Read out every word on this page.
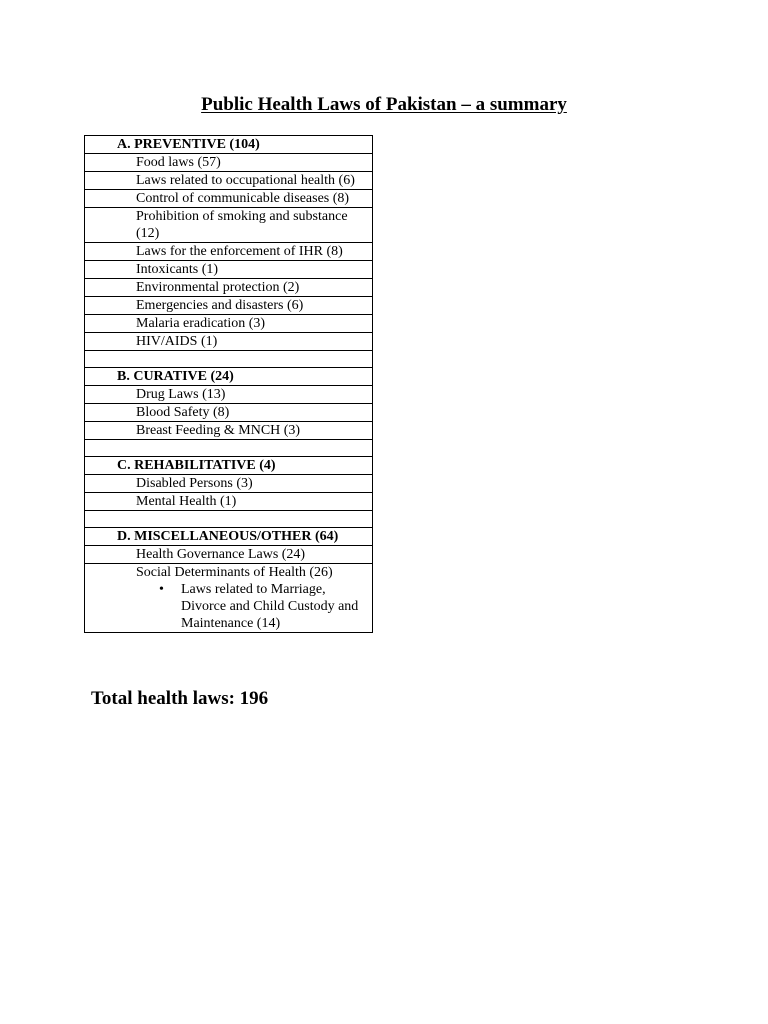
Public Health Laws of Pakistan – a summary
A. PREVENTIVE (104)
Food laws (57)
Laws related to occupational health (6)
Control of communicable diseases (8)
Prohibition of smoking and substance (12)
Laws for the enforcement of IHR (8)
Intoxicants (1)
Environmental protection (2)
Emergencies and disasters (6)
Malaria eradication (3)
HIV/AIDS (1)

B. CURATIVE (24)
Drug Laws (13)
Blood Safety (8)
Breast Feeding & MNCH (3)

C. REHABILITATIVE (4)
Disabled Persons (3)
Mental Health (1)

D. MISCELLANEOUS/OTHER (64)
Health Governance Laws (24)

Social Determinants of Health (26)
• Laws related to Marriage, Divorce and Child Custody and Maintenance (14)

Total health laws: 196
